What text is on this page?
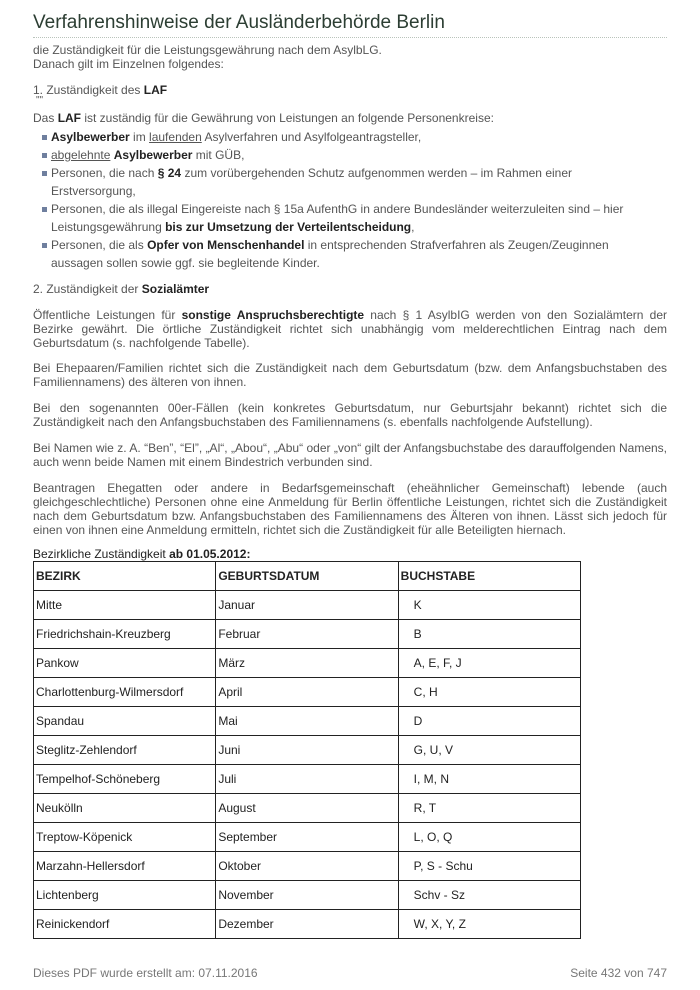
Verfahrenshinweise der Ausländerbehörde Berlin
die Zuständigkeit für die Leistungsgewährung nach dem AsylbLG.
Danach gilt im Einzelnen folgendes:
1. Zuständigkeit des LAF
""
Das LAF ist zuständig für die Gewährung von Leistungen an folgende Personenkreise:
Asylbewerber im laufenden Asylverfahren und Asylfolgeantragsteller,
abgelehnte Asylbewerber mit GÜB,
Personen, die nach § 24 zum vorübergehenden Schutz aufgenommen werden – im Rahmen einer Erstversorgung,
Personen, die als illegal Eingereiste nach § 15a AufenthG in andere Bundesländer weiterzuleiten sind – hier Leistungsgewährung bis zur Umsetzung der Verteilentscheidung,
Personen, die als Opfer von Menschenhandel in entsprechenden Strafverfahren als Zeugen/Zeuginnen aussagen sollen sowie ggf. sie begleitende Kinder.
2. Zuständigkeit der Sozialämter
Öffentliche Leistungen für sonstige Anspruchsberechtigte nach § 1 AsylbIG werden von den Sozialämtern der Bezirke gewährt. Die örtliche Zuständigkeit richtet sich unabhängig vom melderechtlichen Eintrag nach dem Geburtsdatum (s. nachfolgende Tabelle).
Bei Ehepaaren/Familien richtet sich die Zuständigkeit nach dem Geburtsdatum (bzw. dem Anfangsbuchstaben des Familiennamens) des älteren von ihnen.
Bei den sogenannten 00er-Fällen (kein konkretes Geburtsdatum, nur Geburtsjahr bekannt) richtet sich die Zuständigkeit nach den Anfangsbuchstaben des Familiennamens (s. ebenfalls nachfolgende Aufstellung).
Bei Namen wie z. A. “Ben”, “El”, „Al“, „Abou“, „Abu“ oder „von“ gilt der Anfangsbuchstabe des darauffolgenden Namens, auch wenn beide Namen mit einem Bindestrich verbunden sind.
Beantragen Ehegatten oder andere in Bedarfsgemeinschaft (eheähnlicher Gemeinschaft) lebende (auch gleichgeschlechtliche) Personen ohne eine Anmeldung für Berlin öffentliche Leistungen, richtet sich die Zuständigkeit nach dem Geburtsdatum bzw. Anfangsbuchstaben des Familiennamens des Älteren von ihnen. Lässt sich jedoch für einen von ihnen eine Anmeldung ermitteln, richtet sich die Zuständigkeit für alle Beteiligten hiernach.
Bezirkliche Zuständigkeit ab 01.05.2012:
BEZIRK	GEBURTSDATUM	BUCHSTABE
Mitte	Januar	K
Friedrichshain-Kreuzberg	Februar	B
Pankow	März	A, E, F, J
Charlottenburg-Wilmersdorf	April	C, H
Spandau	Mai	D
Steglitz-Zehlendorf	Juni	G, U, V
Tempelhof-Schöneberg	Juli	I, M, N
Neukölln	August	R, T
Treptow-Köpenick	September	L, O, Q
Marzahn-Hellersdorf	Oktober	P, S - Schu
Lichtenberg	November	Schv - Sz
Reinickendorf	Dezember	W, X, Y, Z
Dieses PDF wurde erstellt am: 07.11.2016	Seite 432 von 747
